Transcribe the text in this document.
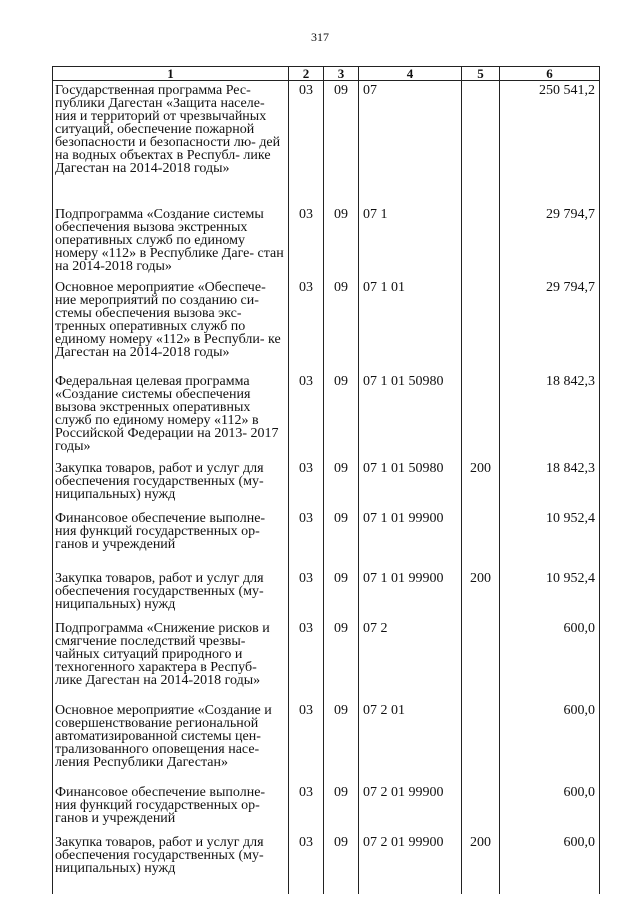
317
1	2	3	4	5	6
Государственная программа Рес- публики Дагестан «Защита населе- ния и территорий от чрезвычайных ситуаций, обеспечение пожарной безопасности и безопасности лю- дей на водных объектах в Республ- лике Дагестан на 2014-2018 годы»	03	09	07		250 541,2
Подпрограмма «Создание системы обеспечения вызова экстренных оперативных служб по единому номеру «112» в Республике Даге- стан на 2014-2018 годы»	03	09	07 1		29 794,7
Основное мероприятие «Обеспече- ние мероприятий по созданию си- стемы обеспечения вызова экс- тренных оперативных служб по единому номеру «112» в Республи- ке Дагестан на 2014-2018 годы»	03	09	07 1 01		29 794,7
Федеральная целевая программа «Создание системы обеспечения вызова экстренных оперативных служб по единому номеру «112» в Российской Федерации на 2013- 2017 годы»	03	09	07 1 01 50980		18 842,3
Закупка товаров, работ и услуг для обеспечения государственных (му- ниципальных) нужд	03	09	07 1 01 50980	200	18 842,3
Финансовое обеспечение выполне- ния функций государственных ор- ганов и учреждений	03	09	07 1 01 99900		10 952,4
Закупка товаров, работ и услуг для обеспечения государственных (му- ниципальных) нужд	03	09	07 1 01 99900	200	10 952,4
Подпрограмма «Снижение рисков и смягчение последствий чрезвы- чайных ситуаций природного и техногенного характера в Респуб- лике Дагестан на 2014-2018 годы»	03	09	07 2		600,0
Основное мероприятие «Создание и совершенствование региональной автоматизированной системы цен- трализованного оповещения насе- ления Республики Дагестан»	03	09	07 2 01		600,0
Финансовое обеспечение выполне- ния функций государственных ор- ганов и учреждений	03	09	07 2 01 99900		600,0
Закупка товаров, работ и услуг для обеспечения государственных (му- ниципальных) нужд	03	09	07 2 01 99900	200	600,0
